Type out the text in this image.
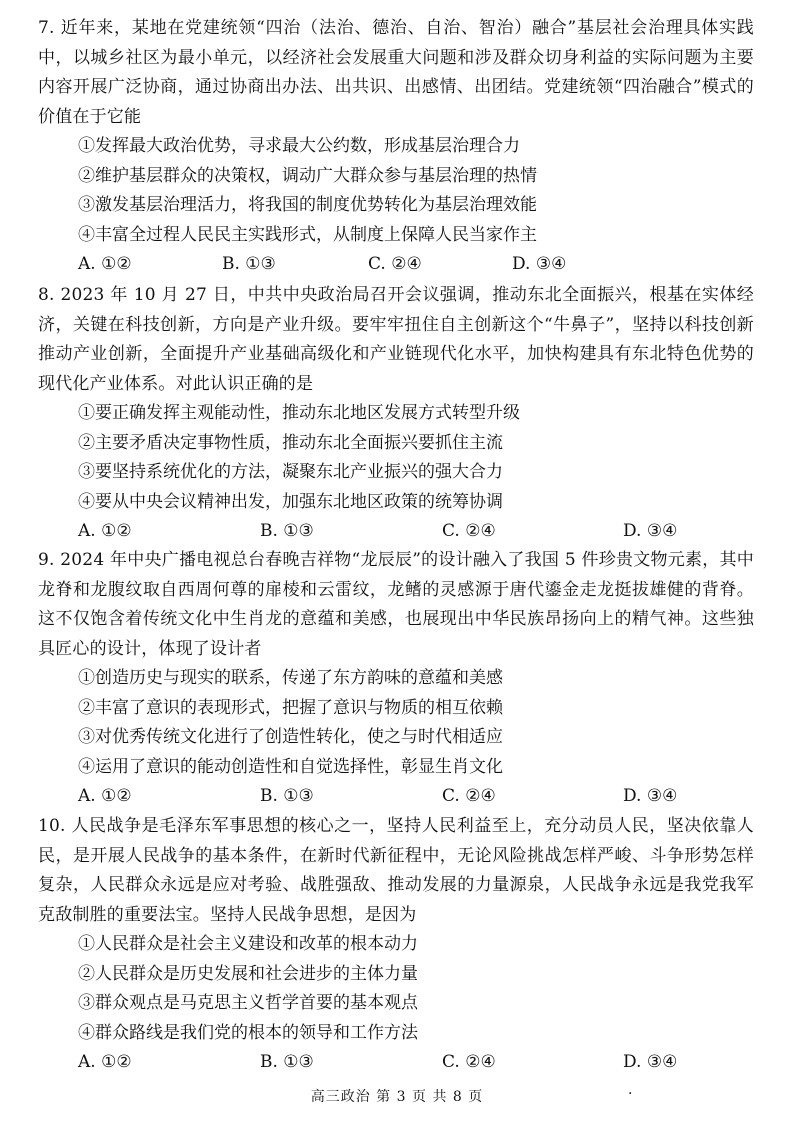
7. 近年来，某地在党建统领“四治（法治、德治、自治、智治）融合”基层社会治理具体实践中，以城乡社区为最小单元，以经济社会发展重大问题和涉及群众切身利益的实际问题为主要内容开展广泛协商，通过协商出办法、出共识、出感情、出团结。党建统领“四治融合”模式的价值在于它能

①发挥最大政治优势，寻求最大公约数，形成基层治理合力

②维护基层群众的决策权，调动广大群众参与基层治理的热情

③激发基层治理活力，将我国的制度优势转化为基层治理效能

④丰富全过程人民民主实践形式，从制度上保障人民当家作主

A. ①②	B. ①③	C. ②④	D. ③④

8. 2023 年 10 月 27 日，中共中央政治局召开会议强调，推动东北全面振兴，根基在实体经济，关键在科技创新，方向是产业升级。要牢牢扭住自主创新这个“牛鼻子”，坚持以科技创新推动产业创新，全面提升产业基础高级化和产业链现代化水平，加快构建具有东北特色优势的现代化产业体系。对此认识正确的是

①要正确发挥主观能动性，推动东北地区发展方式转型升级

②主要矛盾决定事物性质，推动东北全面振兴要抓住主流

③要坚持系统优化的方法，凝聚东北产业振兴的强大合力

④要从中央会议精神出发，加强东北地区政策的统筹协调

A. ①②	B. ①③	C. ②④	D. ③④

9. 2024 年中央广播电视总台春晚吉祥物“龙辰辰”的设计融入了我国 5 件珍贵文物元素，其中龙脊和龙腹纹取自西周何尊的扉棱和云雷纹，龙鳍的灵感源于唐代鎏金走龙挺拔雄健的背脊。这不仅饱含着传统文化中生肖龙的意蕴和美感，也展现出中华民族昂扬向上的精气神。这些独具匠心的设计，体现了设计者

①创造历史与现实的联系，传递了东方韵味的意蕴和美感

②丰富了意识的表现形式，把握了意识与物质的相互依赖

③对优秀传统文化进行了创造性转化，使之与时代相适应

④运用了意识的能动创造性和自觉选择性，彰显生肖文化

A. ①②	B. ①③	C. ②④	D. ③④

10. 人民战争是毛泽东军事思想的核心之一，坚持人民利益至上，充分动员人民，坚决依靠人民，是开展人民战争的基本条件，在新时代新征程中，无论风险挑战怎样严峻、斗争形势怎样复杂，人民群众永远是应对考验、战胜强敌、推动发展的力量源泉，人民战争永远是我党我军克敌制胜的重要法宝。坚持人民战争思想，是因为

①人民群众是社会主义建设和改革的根本动力

②人民群众是历史发展和社会进步的主体力量

③群众观点是马克思主义哲学首要的基本观点

④群众路线是我们党的根本的领导和工作方法

A. ①②	B. ①③	C. ②④	D. ③④
高三政治 第 3 页 共 8 页	·
